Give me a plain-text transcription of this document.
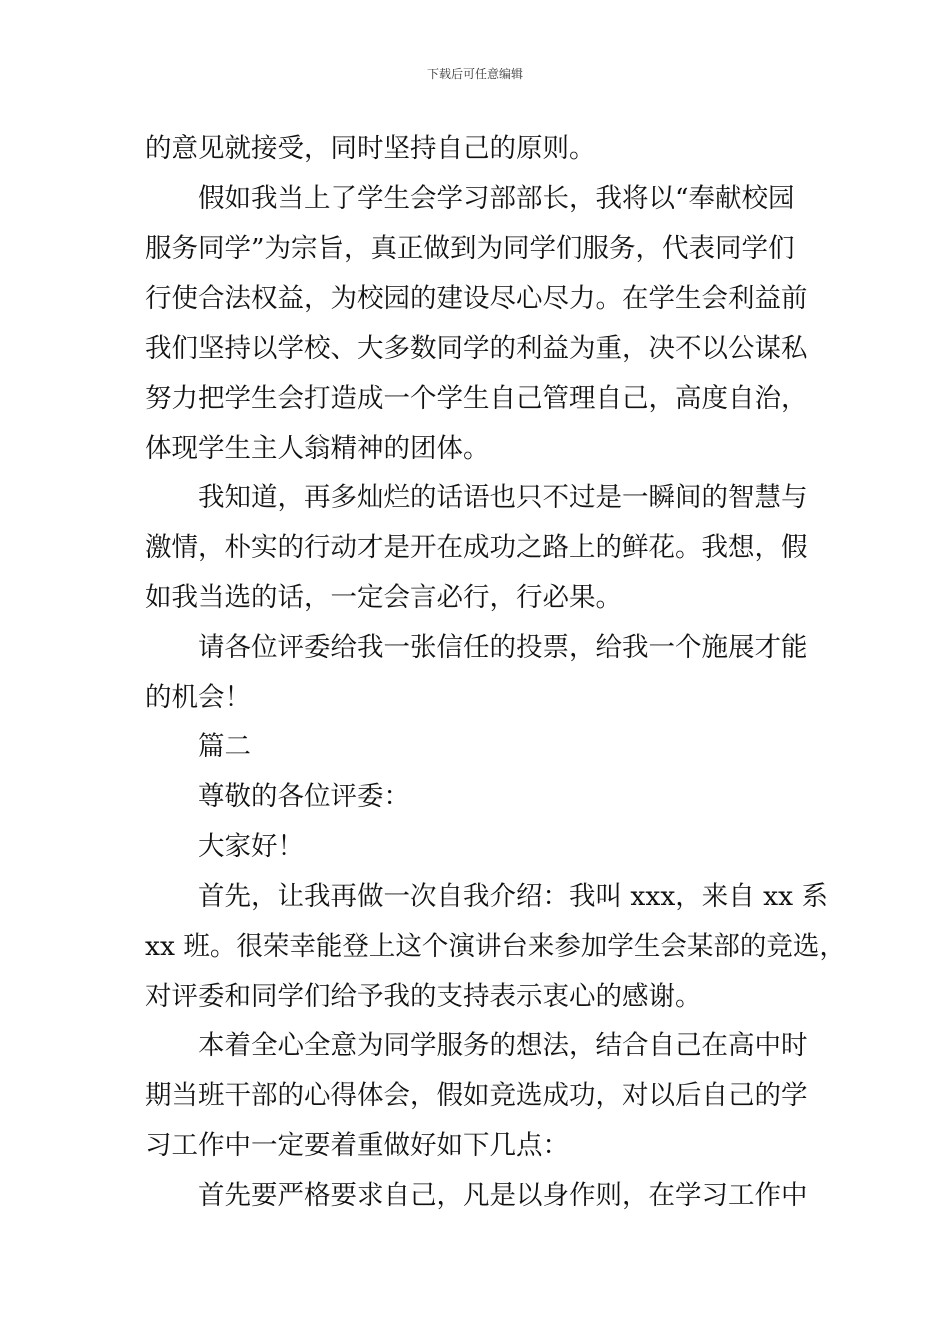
下载后可任意编辑
的意见就接受，同时坚持自己的原则。
假如我当上了学生会学习部部长，我将以“奉献校园
服务同学”为宗旨，真正做到为同学们服务，代表同学们
行使合法权益，为校园的建设尽心尽力。在学生会利益前
我们坚持以学校、大多数同学的利益为重，决不以公谋私
努力把学生会打造成一个学生自己管理自己，高度自治，
体现学生主人翁精神的团体。
我知道，再多灿烂的话语也只不过是一瞬间的智慧与
激情，朴实的行动才是开在成功之路上的鲜花。我想，假
如我当选的话，一定会言必行，行必果。
请各位评委给我一张信任的投票，给我一个施展才能
的机会！
篇二
尊敬的各位评委：
大家好！
首先，让我再做一次自我介绍：我叫 xxx，来自 xx 系
xx 班。很荣幸能登上这个演讲台来参加学生会某部的竞选，
对评委和同学们给予我的支持表示衷心的感谢。
本着全心全意为同学服务的想法，结合自己在高中时
期当班干部的心得体会，假如竞选成功，对以后自己的学
习工作中一定要着重做好如下几点：
首先要严格要求自己，凡是以身作则，在学习工作中
